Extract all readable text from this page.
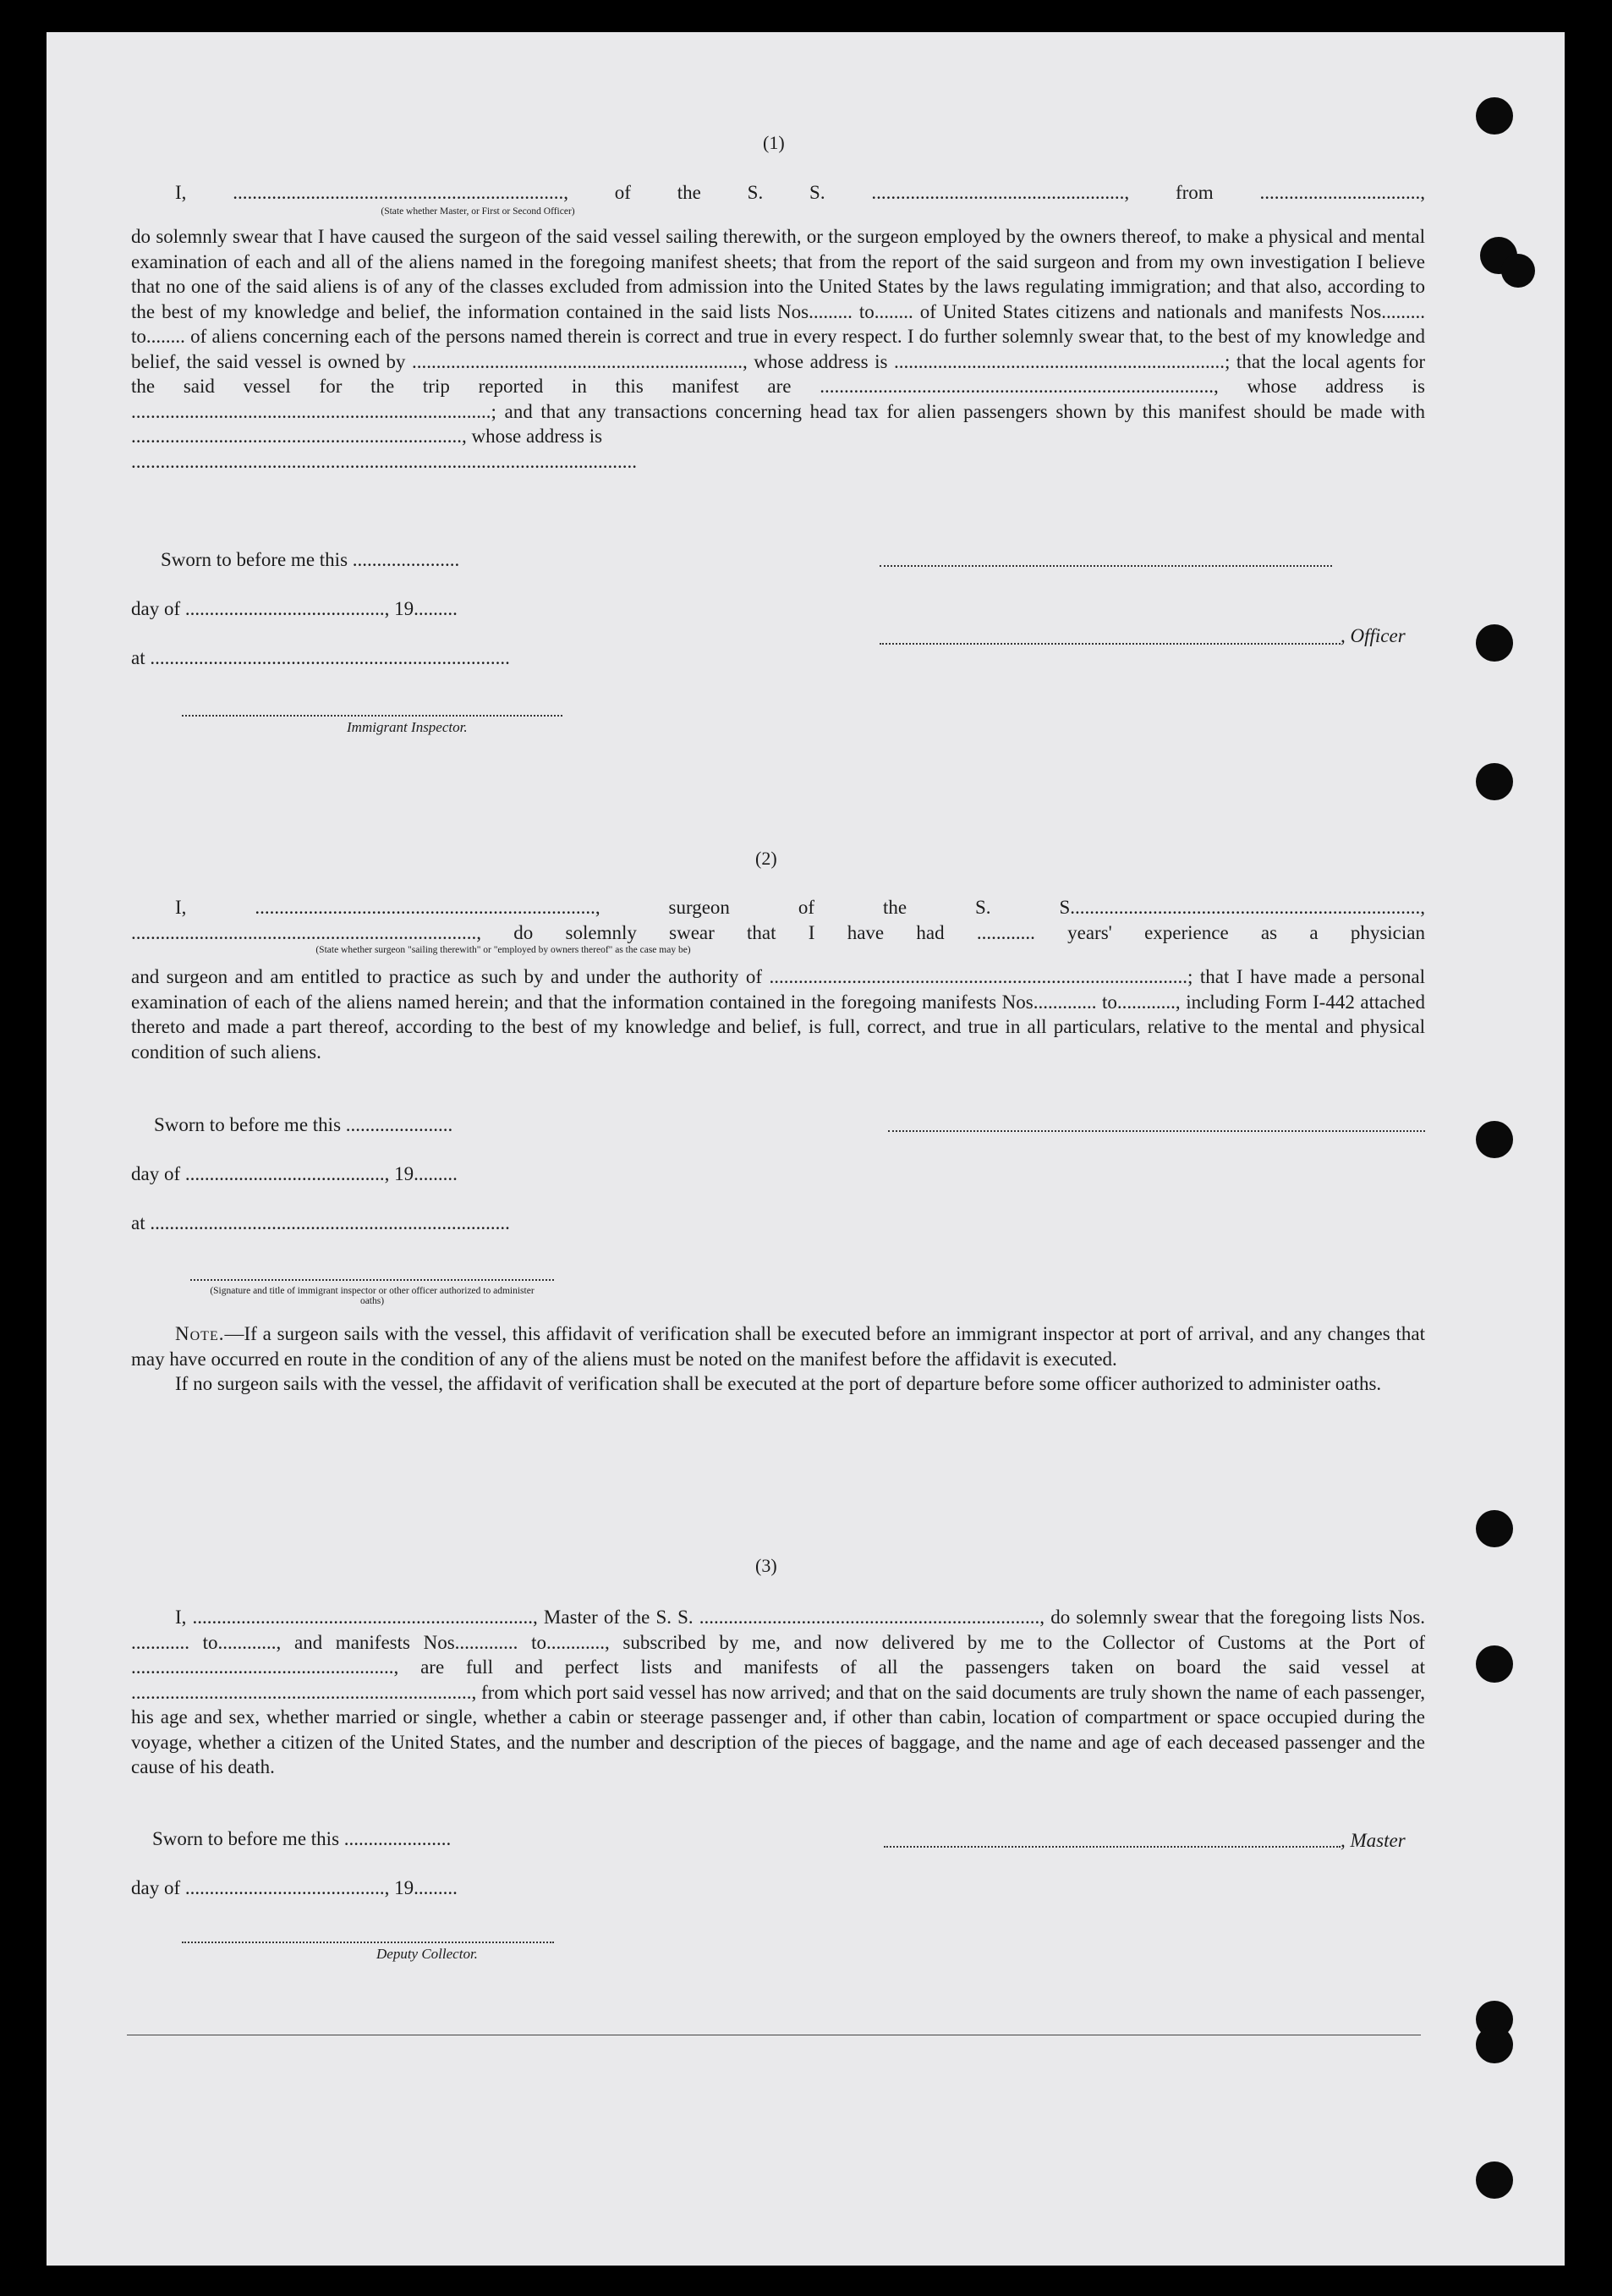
(1)

I, ...................................................................., of the S. S. ...................................................., from .................................,

(State whether Master, or First or Second Officer)

do solemnly swear that I have caused the surgeon of the said vessel sailing therewith, or the surgeon employed by the owners thereof, to make a physical and mental examination of each and all of the aliens named in the foregoing manifest sheets; that from the report of the said surgeon and from my own investigation I believe that no one of the said aliens is of any of the classes excluded from admission into the United States by the laws regulating immigration; and that also, according to the best of my knowledge and belief, the information contained in the said lists Nos......... to........ of United States citizens and nationals and manifests Nos......... to........ of aliens concerning each of the persons named therein is correct and true in every respect. I do further solemnly swear that, to the best of my knowledge and belief, the said vessel is owned by ...................................................................., whose address is ....................................................................; that the local agents for the said vessel for the trip reported in this manifest are ................................................................................., whose address is ..........................................................................; and that any transactions concerning head tax for alien passengers shown by this manifest should be made with ...................................................................., whose address is

........................................................................................................

Sworn to before me this ......................
day of ........................................., 19.........
at ..........................................................................
, Officer
Immigrant Inspector.
(2)

I, ......................................................................, surgeon of the S. S........................................................................,

......................................................................., do solemnly swear that I have had ............ years' experience as a physician

(State whether surgeon "sailing therewith" or "employed by owners thereof" as the case may be)

and surgeon and am entitled to practice as such by and under the authority of ......................................................................................; that I have made a personal examination of each of the aliens named herein; and that the information contained in the foregoing manifests Nos............. to............, including Form I-442 attached thereto and made a part thereof, according to the best of my knowledge and belief, is full, correct, and true in all particulars, relative to the mental and physical condition of such aliens.

Sworn to before me this ......................
day of ........................................., 19.........
at ..........................................................................
(Signature and title of immigrant inspector or other officer authorized to administer oaths)

Note.—If a surgeon sails with the vessel, this affidavit of verification shall be executed before an immigrant inspector at port of arrival, and any changes that may have occurred en route in the condition of any of the aliens must be noted on the manifest before the affidavit is executed.

If no surgeon sails with the vessel, the affidavit of verification shall be executed at the port of departure before some officer authorized to administer oaths.

(3)

I, ......................................................................, Master of the S. S. ......................................................................, do solemnly swear that the foregoing lists Nos. ............ to............, and manifests Nos............. to............, subscribed by me, and now delivered by me to the Collector of Customs at the Port of ......................................................, are full and perfect lists and manifests of all the passengers taken on board the said vessel at ......................................................................, from which port said vessel has now arrived; and that on the said documents are truly shown the name of each passenger, his age and sex, whether married or single, whether a cabin or steerage passenger and, if other than cabin, location of compartment or space occupied during the voyage, whether a citizen of the United States, and the number and description of the pieces of baggage, and the name and age of each deceased passenger and the cause of his death.

Sworn to before me this ......................
day of ........................................., 19.........
, Master
Deputy Collector.
